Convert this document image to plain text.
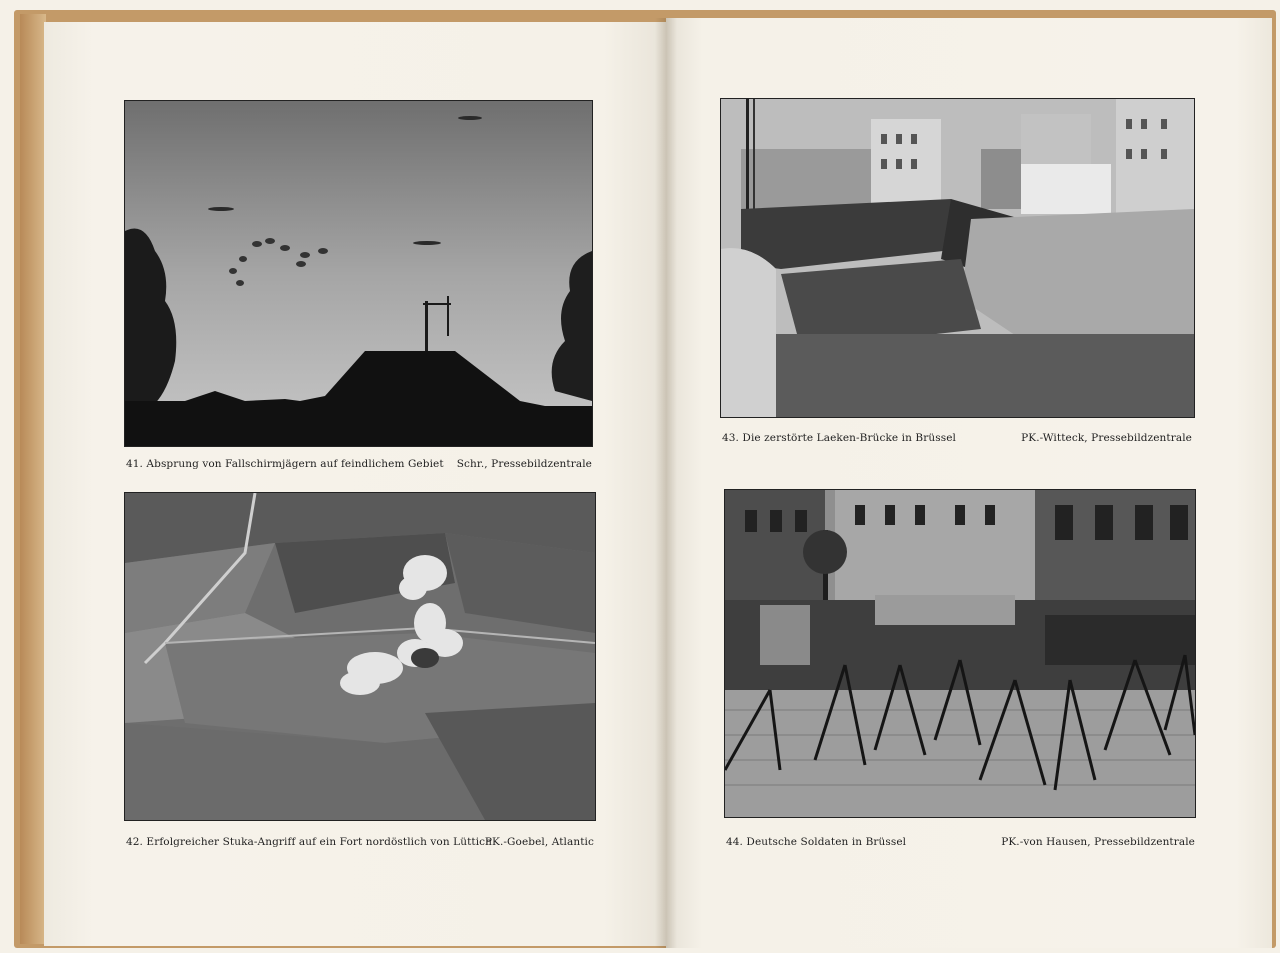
41. Absprung von Fallschirmjägern auf feindlichem Gebiet	Schr., Pressebildzentrale
42. Erfolgreicher Stuka-Angriff auf ein Fort nordöstlich von Lüttich
PK.-Goebel, Atlantic
43. Die zerstörte Laeken-Brücke in Brüssel	PK.-Witteck, Pressebildzentrale
44. Deutsche Soldaten in Brüssel	PK.-von Hausen, Pressebildzentrale
